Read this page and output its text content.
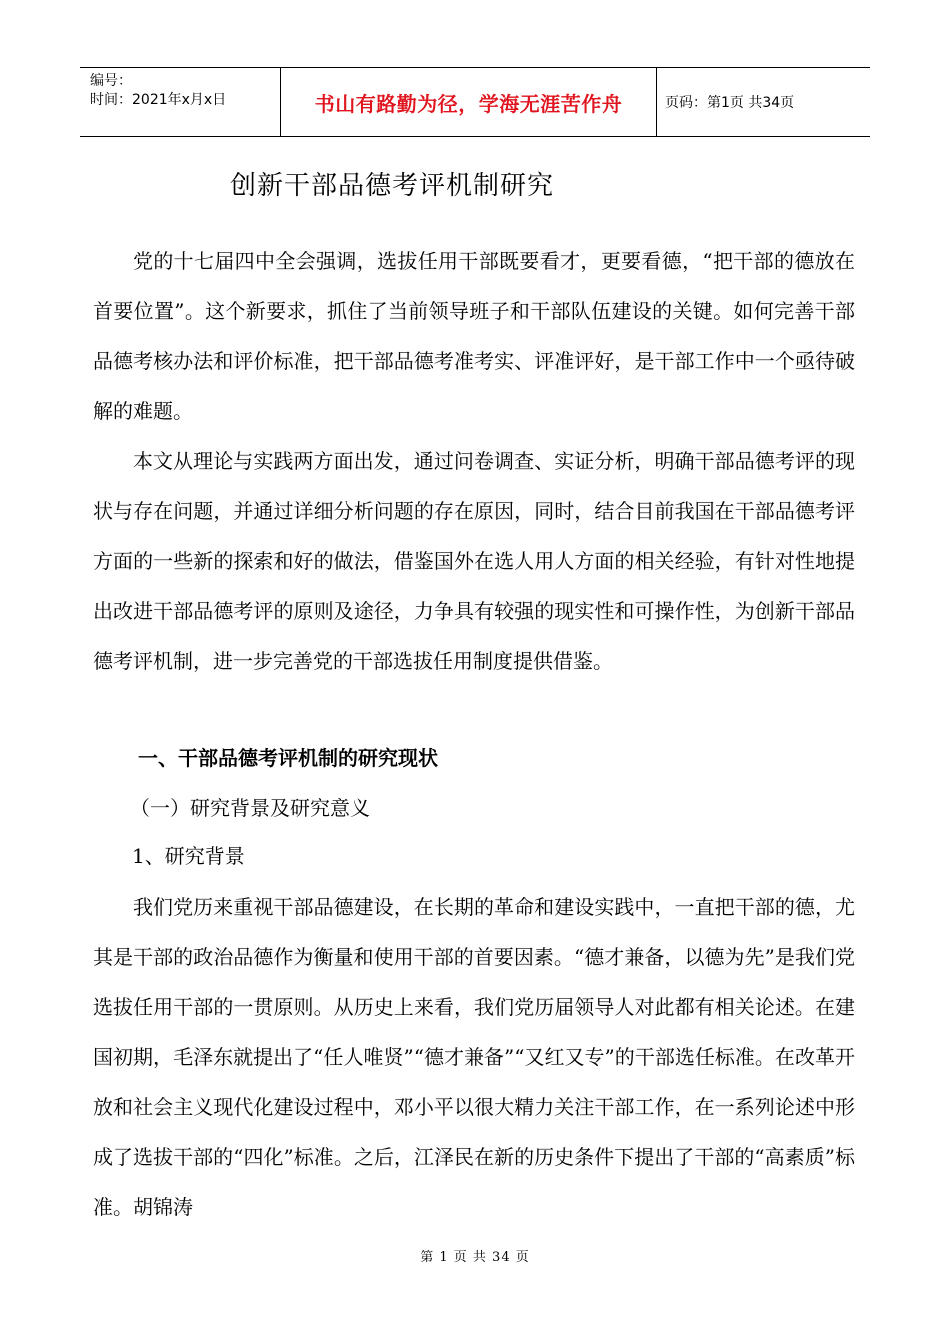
编号：
时间：2021年x月x日	书山有路勤为径，学海无涯苦作舟	页码：第1页 共34页
创新干部品德考评机制研究

党的十七届四中全会强调，选拔任用干部既要看才，更要看德，“把干部的德放在首要位置”。这个新要求，抓住了当前领导班子和干部队伍建设的关键。如何完善干部品德考核办法和评价标准，把干部品德考准考实、评准评好，是干部工作中一个亟待破解的难题。

本文从理论与实践两方面出发，通过问卷调查、实证分析，明确干部品德考评的现状与存在问题，并通过详细分析问题的存在原因，同时，结合目前我国在干部品德考评方面的一些新的探索和好的做法，借鉴国外在选人用人方面的相关经验，有针对性地提出改进干部品德考评的原则及途径，力争具有较强的现实性和可操作性，为创新干部品德考评机制，进一步完善党的干部选拔任用制度提供借鉴。

一、干部品德考评机制的研究现状
（一）研究背景及研究意义
1、研究背景

我们党历来重视干部品德建设，在长期的革命和建设实践中，一直把干部的德，尤其是干部的政治品德作为衡量和使用干部的首要因素。“德才兼备，以德为先”是我们党选拔任用干部的一贯原则。从历史上来看，我们党历届领导人对此都有相关论述。在建国初期，毛泽东就提出了“任人唯贤”“德才兼备”“又红又专”的干部选任标准。在改革开放和社会主义现代化建设过程中，邓小平以很大精力关注干部工作，在一系列论述中形成了选拔干部的“四化”标准。之后，江泽民在新的历史条件下提出了干部的“高素质”标准。胡锦涛

第 1 页 共 34 页
